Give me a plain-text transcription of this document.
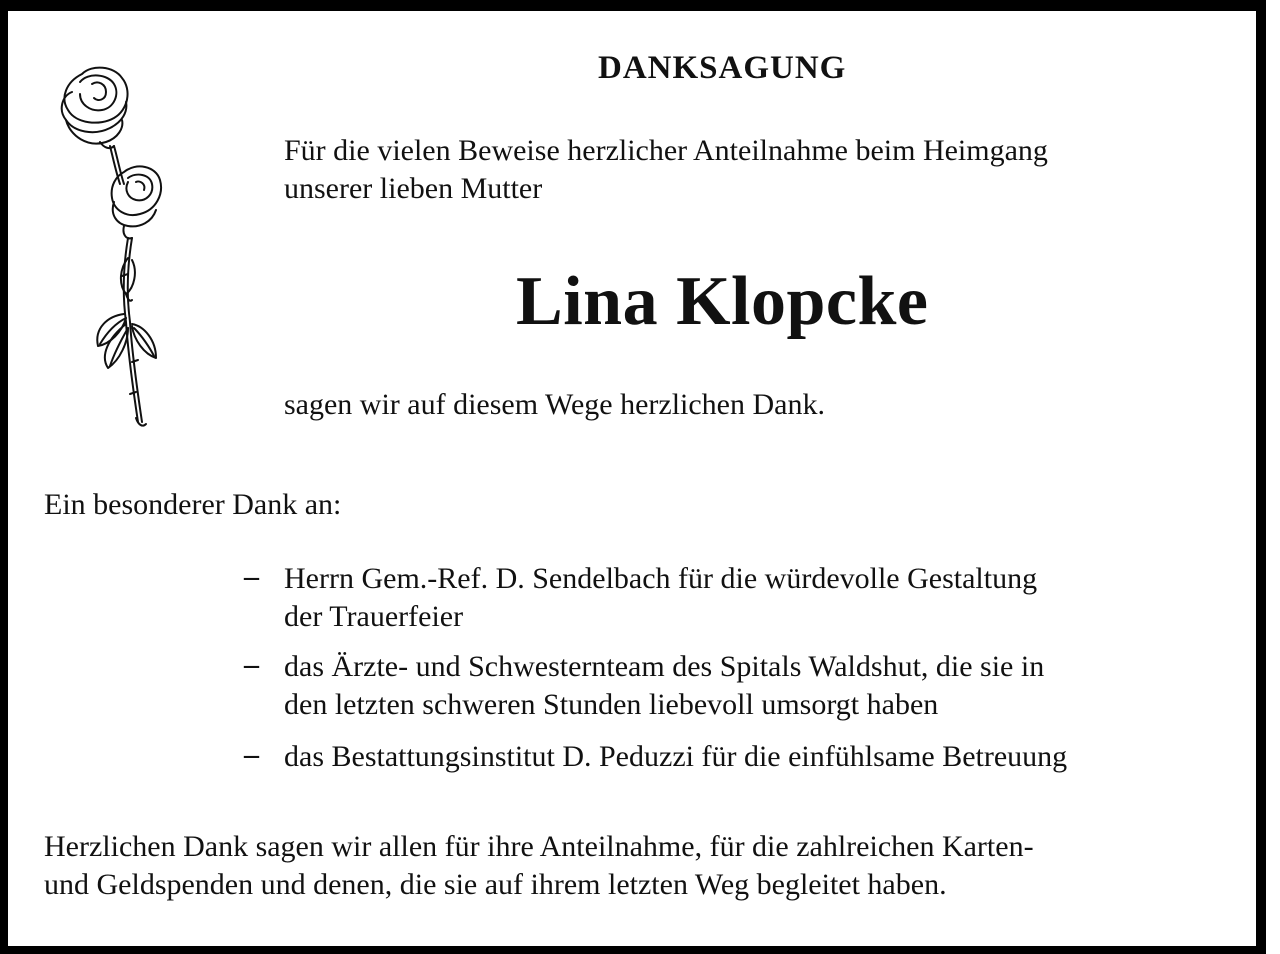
DANKSAGUNG
Für die vielen Beweise herzlicher Anteilnahme beim Heimgang
unserer lieben Mutter
Lina Klopcke
sagen wir auf diesem Wege herzlichen Dank.
Ein besonderer Dank an:
– Herrn Gem.-Ref. D. Sendelbach für die würdevolle Gestaltung
der Trauerfeier
– das Ärzte- und Schwesternteam des Spitals Waldshut, die sie in
den letzten schweren Stunden liebevoll umsorgt haben
– das Bestattungsinstitut D. Peduzzi für die einfühlsame Betreuung
Herzlichen Dank sagen wir allen für ihre Anteilnahme, für die zahlreichen Karten-
und Geldspenden und denen, die sie auf ihrem letzten Weg begleitet haben.
